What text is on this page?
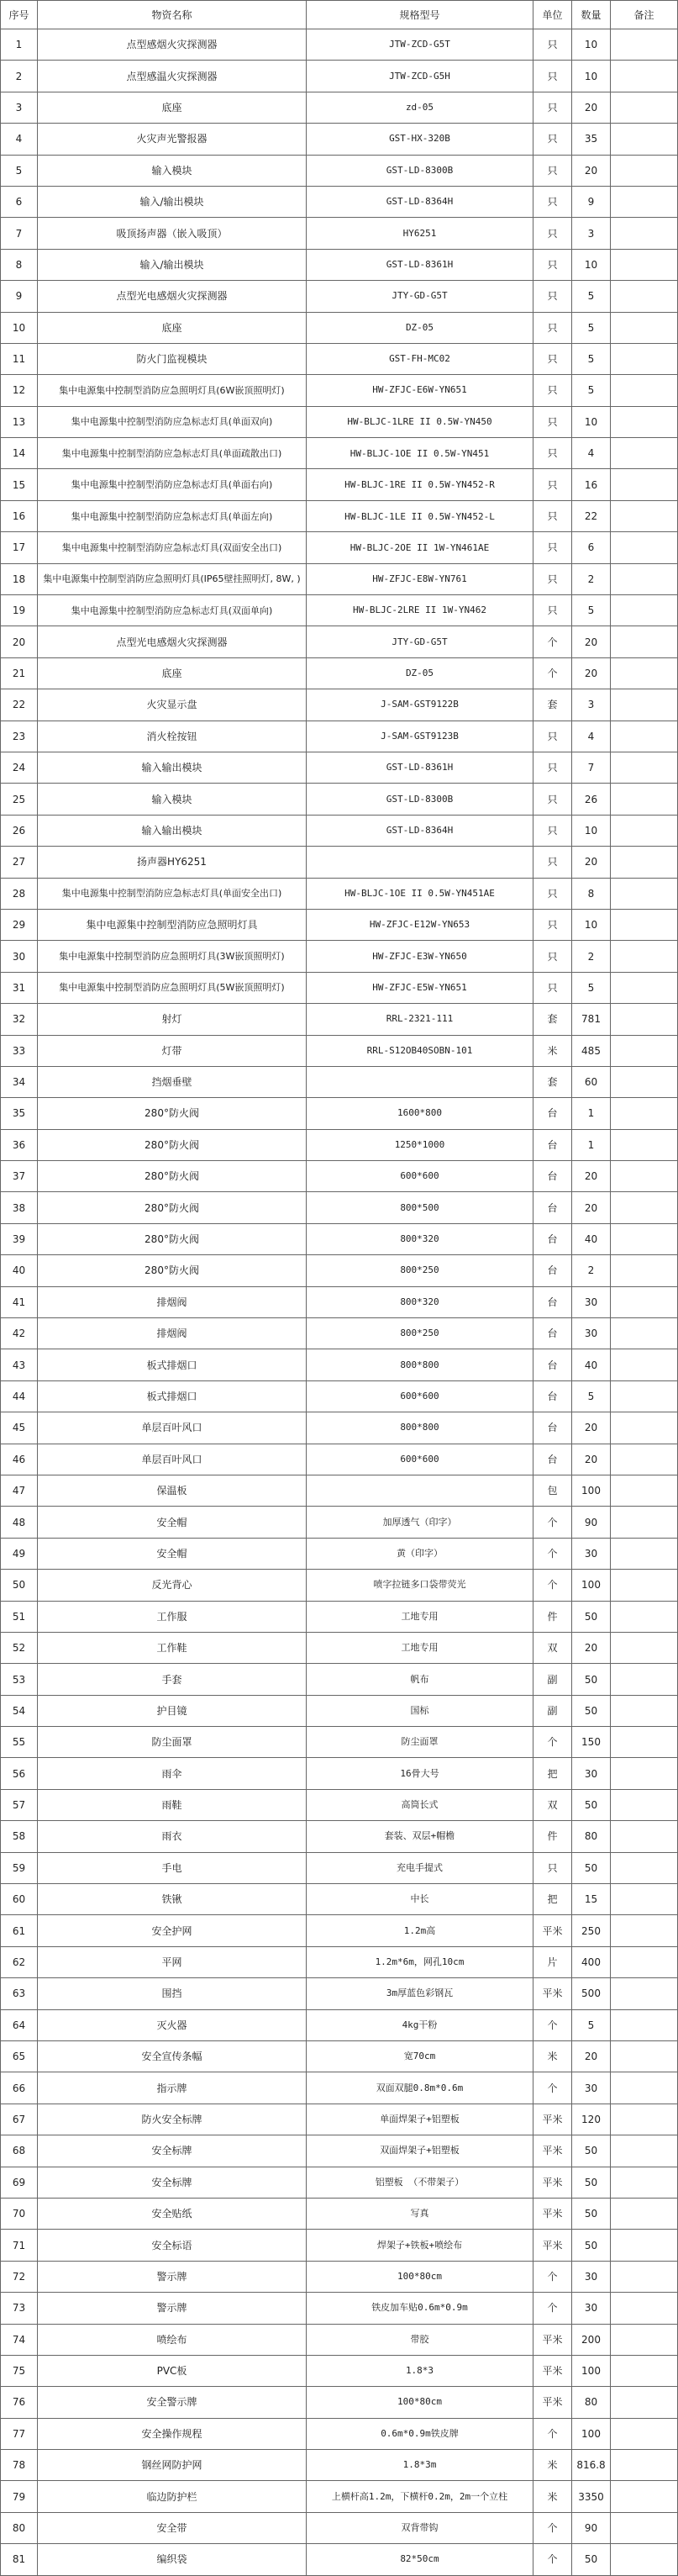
序号	物资名称	规格型号	单位	数量	备注
1	点型感烟火灾探测器	JTW-ZCD-G5T	只	10	
2	点型感温火灾探测器	JTW-ZCD-G5H	只	10	
3	底座	zd-05	只	20	
4	火灾声光警报器	GST-HX-320B	只	35	
5	输入模块	GST-LD-8300B	只	20	
6	输入/输出模块	GST-LD-8364H	只	9	
7	吸顶扬声器（嵌入吸顶）	HY6251	只	3	
8	输入/输出模块	GST-LD-8361H	只	10	
9	点型光电感烟火灾探测器	JTY-GD-G5T	只	5	
10	底座	DZ-05	只	5	
11	防火门监视模块	GST-FH-MC02	只	5	
12	集中电源集中控制型消防应急照明灯具(6W嵌顶照明灯)	HW-ZFJC-E6W-YN651	只	5	
13	集中电源集中控制型消防应急标志灯具(单面双向)	HW-BLJC-1LRE II 0.5W-YN450	只	10	
14	集中电源集中控制型消防应急标志灯具(单面疏散出口)	HW-BLJC-1OE II 0.5W-YN451	只	4	
15	集中电源集中控制型消防应急标志灯具(单面右向)	HW-BLJC-1RE II 0.5W-YN452-R	只	16	
16	集中电源集中控制型消防应急标志灯具(单面左向)	HW-BLJC-1LE II 0.5W-YN452-L	只	22	
17	集中电源集中控制型消防应急标志灯具(双面安全出口)	HW-BLJC-2OE II 1W-YN461AE	只	6	
18	集中电源集中控制型消防应急照明灯具(IP65壁挂照明灯, 8W, )	HW-ZFJC-E8W-YN761	只	2	
19	集中电源集中控制型消防应急标志灯具(双面单向)	HW-BLJC-2LRE II 1W-YN462	只	5	
20	点型光电感烟火灾探测器	JTY-GD-G5T	个	20	
21	底座	DZ-05	个	20	
22	火灾显示盘	J-SAM-GST9122B	套	3	
23	消火栓按钮	J-SAM-GST9123B	只	4	
24	输入输出模块	GST-LD-8361H	只	7	
25	输入模块	GST-LD-8300B	只	26	
26	输入输出模块	GST-LD-8364H	只	10	
27	扬声器HY6251		只	20	
28	集中电源集中控制型消防应急标志灯具(单面安全出口)	HW-BLJC-1OE II 0.5W-YN451AE	只	8	
29	集中电源集中控制型消防应急照明灯具	HW-ZFJC-E12W-YN653	只	10	
30	集中电源集中控制型消防应急照明灯具(3W嵌顶照明灯)	HW-ZFJC-E3W-YN650	只	2	
31	集中电源集中控制型消防应急照明灯具(5W嵌顶照明灯)	HW-ZFJC-E5W-YN651	只	5	
32	射灯	RRL-2321-111	套	781	
33	灯带	RRL-S12OB40SOBN-101	米	485	
34	挡烟垂壁		套	60	
35	280°防火阀	1600*800	台	1	
36	280°防火阀	1250*1000	台	1	
37	280°防火阀	600*600	台	20	
38	280°防火阀	800*500	台	20	
39	280°防火阀	800*320	台	40	
40	280°防火阀	800*250	台	2	
41	排烟阀	800*320	台	30	
42	排烟阀	800*250	台	30	
43	板式排烟口	800*800	台	40	
44	板式排烟口	600*600	台	5	
45	单层百叶风口	800*800	台	20	
46	单层百叶风口	600*600	台	20	
47	保温板		包	100	
48	安全帽	加厚透气（印字）	个	90	
49	安全帽	黄（印字）	个	30	
50	反光背心	喷字拉链多口袋带荧光	个	100	
51	工作服	工地专用	件	50	
52	工作鞋	工地专用	双	20	
53	手套	帆布	副	50	
54	护目镜	国标	副	50	
55	防尘面罩	防尘面罩	个	150	
56	雨伞	16骨大号	把	30	
57	雨鞋	高筒长式	双	50	
58	雨衣	套装、双层+帽檐	件	80	
59	手电	充电手提式	只	50	
60	铁锹	中长	把	15	
61	安全护网	1.2m高	平米	250	
62	平网	1.2m*6m，网孔10cm	片	400	
63	围挡	3m厚蓝色彩钢瓦	平米	500	
64	灭火器	4kg干粉	个	5	
65	安全宣传条幅	宽70cm	米	20	
66	指示牌	双面双腿0.8m*0.6m	个	30	
67	防火安全标牌	单面焊架子+铝塑板	平米	120	
68	安全标牌	双面焊架子+铝塑板	平米	50	
69	安全标牌	铝塑板 （不带架子）	平米	50	
70	安全贴纸	写真	平米	50	
71	安全标语	焊架子+铁板+喷绘布	平米	50	
72	警示牌	100*80cm	个	30	
73	警示牌	铁皮加车贴0.6m*0.9m	个	30	
74	喷绘布	带胶	平米	200	
75	PVC板	1.8*3	平米	100	
76	安全警示牌	100*80cm	平米	80	
77	安全操作规程	0.6m*0.9m铁皮牌	个	100	
78	钢丝网防护网	1.8*3m	米	816.8	
79	临边防护栏	上横杆高1.2m，下横杆0.2m，2m一个立柱	米	3350	
80	安全带	双背带钩	个	90	
81	编织袋	82*50cm	个	50	
